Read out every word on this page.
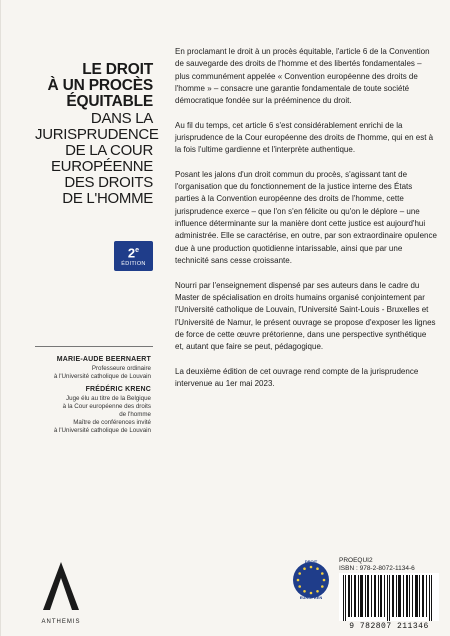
LE DROIT
À UN PROCÈS
ÉQUITABLE
DANS LA
JURISPRUDENCE
DE LA COUR
EUROPÉENNE
DES DROITS
DE L'HOMME
2e
ÉDITION
MARIE-AUDE BEERNAERT
Professeure ordinaire
à l'Université catholique de Louvain
FRÉDÉRIC KRENC
Juge élu au titre de la Belgique
à la Cour européenne des droits
de l'homme
Maître de conférences invité
à l'Université catholique de Louvain

En proclamant le droit à un procès équitable, l'article 6 de la Convention de sauvegarde des droits de l'homme et des libertés fondamentales – plus communément appelée « Convention européenne des droits de l'homme » – consacre une garantie fondamentale de toute société démocratique fondée sur la prééminence du droit.

Au fil du temps, cet article 6 s'est considérablement enrichi de la jurisprudence de la Cour européenne des droits de l'homme, qui en est à la fois l'ultime gardienne et l'interprète authentique.

Posant les jalons d'un droit commun du procès, s'agissant tant de l'organisation que du fonctionnement de la justice interne des États parties à la Convention européenne des droits de l'homme, cette jurisprudence exerce – que l'on s'en félicite ou qu'on le déplore – une influence déterminante sur la manière dont cette justice est aujourd'hui administrée. Elle se caractérise, en outre, par son extraordinaire opulence due à une production quotidienne intarissable, ainsi que par une technicité sans cesse croissante.

Nourri par l'enseignement dispensé par ses auteurs dans le cadre du Master de spécialisation en droits humains organisé conjointement par l'Université catholique de Louvain, l'Université Saint-Louis - Bruxelles et l'Université de Namur, le présent ouvrage se propose d'exposer les lignes de force de cette œuvre prétorienne, dans une perspective synthétique et, autant que faire se peut, pédagogique.

La deuxième édition de cet ouvrage rend compte de la jurisprudence intervenue au 1er mai 2023.

ANTHEMIS
DROIT
EUROPÉEN
PROEQUI2
ISBN : 978-2-8072-1134-6
9 782807 211346
